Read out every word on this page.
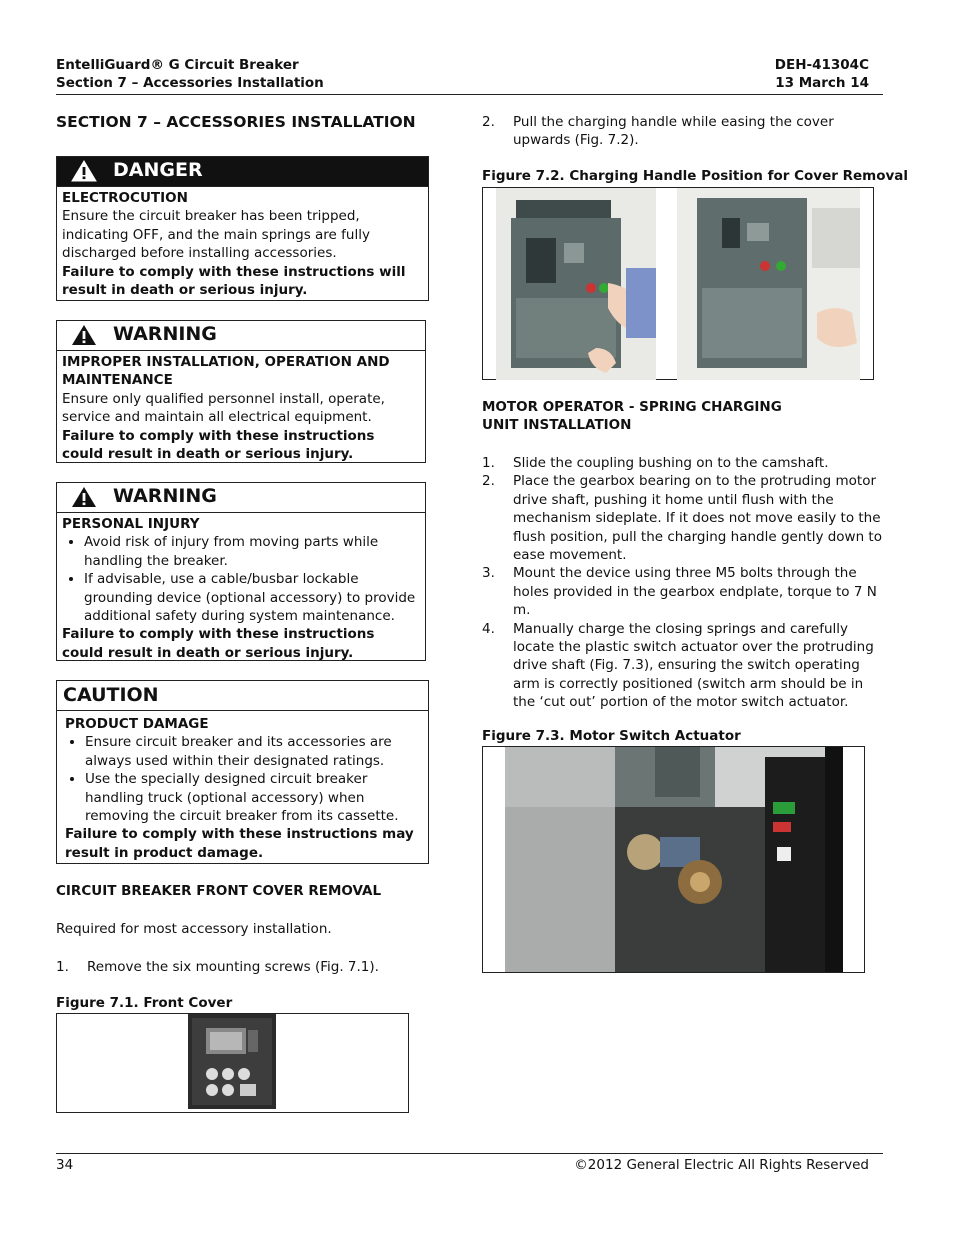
EntelliGuard® G Circuit Breaker
Section 7 – Accessories Installation
DEH-41304C
13 March 14
SECTION 7 – ACCESSORIES INSTALLATION
DANGER
ELECTROCUTION
Ensure the circuit breaker has been tripped, indicating OFF, and the main springs are fully discharged before installing accessories.
Failure to comply with these instructions will result in death or serious injury.
WARNING
IMPROPER INSTALLATION, OPERATION AND MAINTENANCE
Ensure only qualified personnel install, operate, service and maintain all electrical equipment.
Failure to comply with these instructions could result in death or serious injury.
WARNING
PERSONAL INJURY
• Avoid risk of injury from moving parts while handling the breaker.
• If advisable, use a cable/busbar lockable grounding device (optional accessory) to provide additional safety during system maintenance.
Failure to comply with these instructions could result in death or serious injury.
CAUTION
PRODUCT DAMAGE
• Ensure circuit breaker and its accessories are always used within their designated ratings.
• Use the specially designed circuit breaker handling truck (optional accessory) when removing the circuit breaker from its cassette.
Failure to comply with these instructions may result in product damage.
CIRCUIT BREAKER FRONT COVER REMOVAL
Required for most accessory installation.
1. Remove the six mounting screws (Fig. 7.1).
Figure 7.1. Front Cover
2.	Pull the charging handle while easing the cover upwards (Fig. 7.2).
Figure 7.2. Charging Handle Position for Cover Removal
MOTOR OPERATOR - SPRING CHARGING UNIT INSTALLATION
1. Slide the coupling bushing on to the camshaft.
2. Place the gearbox bearing on to the protruding motor drive shaft, pushing it home until flush with the mechanism sideplate. If it does not move easily to the flush position, pull the charging handle gently down to ease movement.
3. Mount the device using three M5 bolts through the holes provided in the gearbox endplate, torque to 7 N m.
4. Manually charge the closing springs and carefully locate the plastic switch actuator over the protruding drive shaft (Fig. 7.3), ensuring the switch operating arm is correctly positioned (switch arm should be in the ‘cut out’ portion of the motor switch actuator.
Figure 7.3. Motor Switch Actuator
34	©2012 General Electric All Rights Reserved
